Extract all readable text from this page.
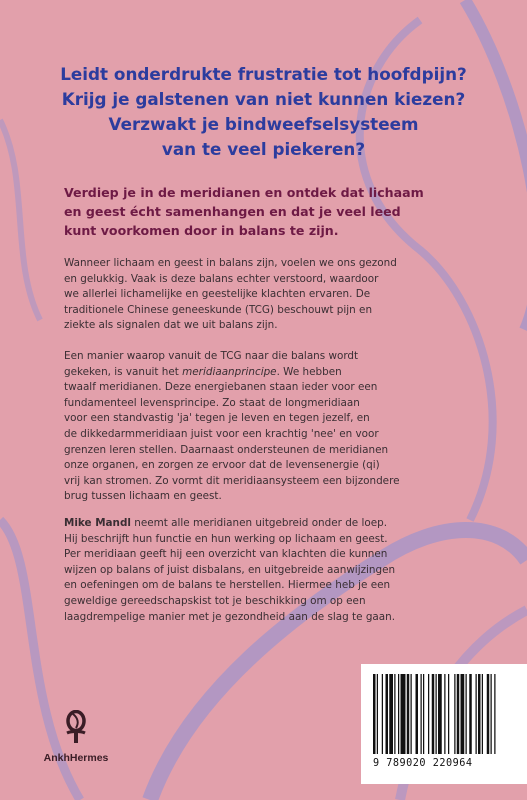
Leidt onderdrukte frustratie tot hoofdpijn?
Krijg je galstenen van niet kunnen kiezen?
Verzwakt je bindweefselsysteem
van te veel piekeren?
Verdiep je in de meridianen en ontdek dat lichaam
en geest écht samenhangen en dat je veel leed
kunt voorkomen door in balans te zijn.
Wanneer lichaam en geest in balans zijn, voelen we ons gezond
en gelukkig. Vaak is deze balans echter verstoord, waardoor
we allerlei lichamelijke en geestelijke klachten ervaren. De
traditionele Chinese geneeskunde (TCG) beschouwt pijn en
ziekte als signalen dat we uit balans zijn.
Een manier waarop vanuit de TCG naar die balans wordt
gekeken, is vanuit het meridiaanprincipe. We hebben
twaalf meridianen. Deze energiebanen staan ieder voor een
fundamenteel levensprincipe. Zo staat de longmeridiaan
voor een standvastig 'ja' tegen je leven en tegen jezelf, en
de dikkedarmmeridiaan juist voor een krachtig 'nee' en voor
grenzen leren stellen. Daarnaast ondersteunen de meridianen
onze organen, en zorgen ze ervoor dat de levensenergie (qi)
vrij kan stromen. Zo vormt dit meridiaansysteem een bijzondere
brug tussen lichaam en geest.
Mike Mandl neemt alle meridianen uitgebreid onder de loep.
Hij beschrijft hun functie en hun werking op lichaam en geest.
Per meridiaan geeft hij een overzicht van klachten die kunnen
wijzen op balans of juist disbalans, en uitgebreide aanwijzingen
en oefeningen om de balans te herstellen. Hiermee heb je een
geweldige gereedschapskist tot je beschikking om op een
laagdrempelige manier met je gezondheid aan de slag te gaan.
AnkhHermes	9 789020 220964
